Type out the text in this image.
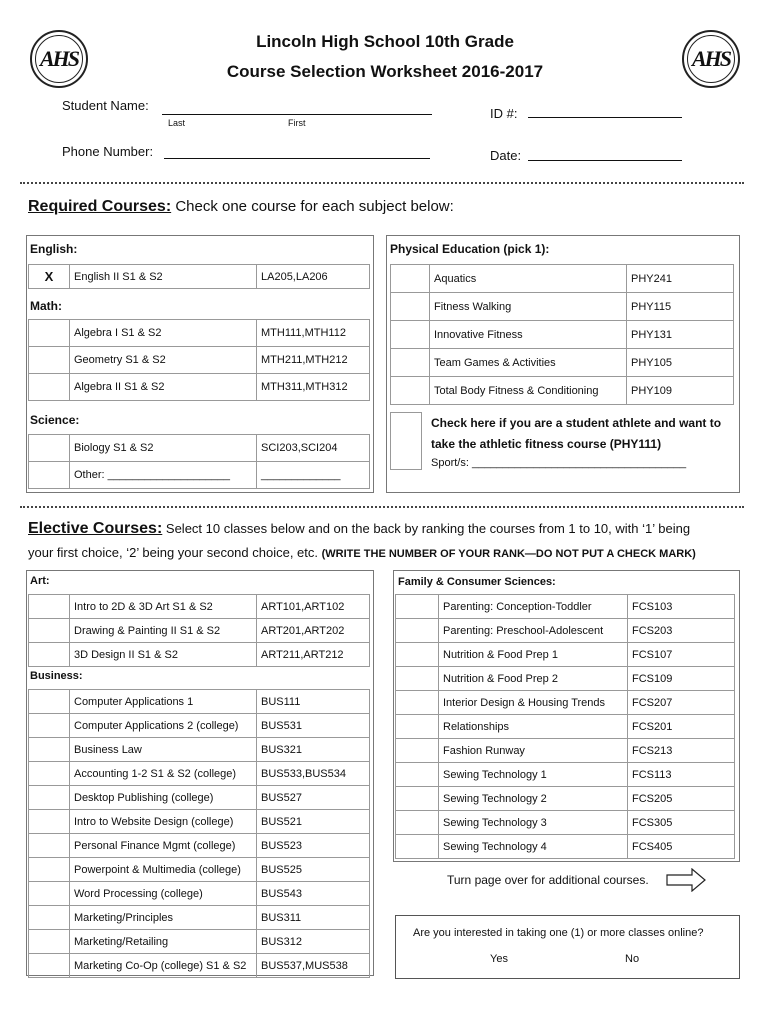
AHS	AHS
Lincoln High School 10th Grade
Course Selection Worksheet 2016-2017
Student Name:
Last	First
ID #:
Phone Number:	Date:
Required Courses: Check one course for each subject below:
English:
X	English II S1 & S2	LA205,LA206
Math:
	Algebra I S1 & S2	MTH111,MTH112
	Geometry S1 & S2	MTH211,MTH212
	Algebra II S1 & S2	MTH311,MTH312
Science:
	Biology S1 & S2	SCI203,SCI204
	Other: ____________________	_____________
Physical Education (pick 1):
	Aquatics	PHY241
	Fitness Walking	PHY115
	Innovative Fitness	PHY131
	Team Games & Activities	PHY105
	Total Body Fitness & Conditioning	PHY109
Check here if you are a student athlete and want to
take the athletic fitness course (PHY111)
Sport/s: ___________________________________
Elective Courses: Select 10 classes below and on the back by ranking the courses from 1 to 10, with ‘1’ being
your first choice, ‘2’ being your second choice, etc. (WRITE THE NUMBER OF YOUR RANK—DO NOT PUT A CHECK MARK)
Art:
	Intro to 2D & 3D Art S1 & S2	ART101,ART102
	Drawing & Painting II S1 & S2	ART201,ART202
	3D Design II S1 & S2	ART211,ART212
Business:
	Computer Applications 1	BUS111
	Computer Applications 2 (college)	BUS531
	Business Law	BUS321
	Accounting 1-2 S1 & S2 (college)	BUS533,BUS534
	Desktop Publishing (college)	BUS527
	Intro to Website Design (college)	BUS521
	Personal Finance Mgmt (college)	BUS523
	Powerpoint & Multimedia (college)	BUS525
	Word Processing (college)	BUS543
	Marketing/Principles	BUS311
	Marketing/Retailing	BUS312
	Marketing Co-Op (college) S1 & S2	BUS537,MUS538
Family & Consumer Sciences:
	Parenting: Conception-Toddler	FCS103
	Parenting: Preschool-Adolescent	FCS203
	Nutrition & Food Prep 1	FCS107
	Nutrition & Food Prep 2	FCS109
	Interior Design & Housing Trends	FCS207
	Relationships	FCS201
	Fashion Runway	FCS213
	Sewing Technology 1	FCS113
	Sewing Technology 2	FCS205
	Sewing Technology 3	FCS305
	Sewing Technology 4	FCS405
Turn page over for additional courses.
Are you interested in taking one (1) or more classes online?
Yes	No
